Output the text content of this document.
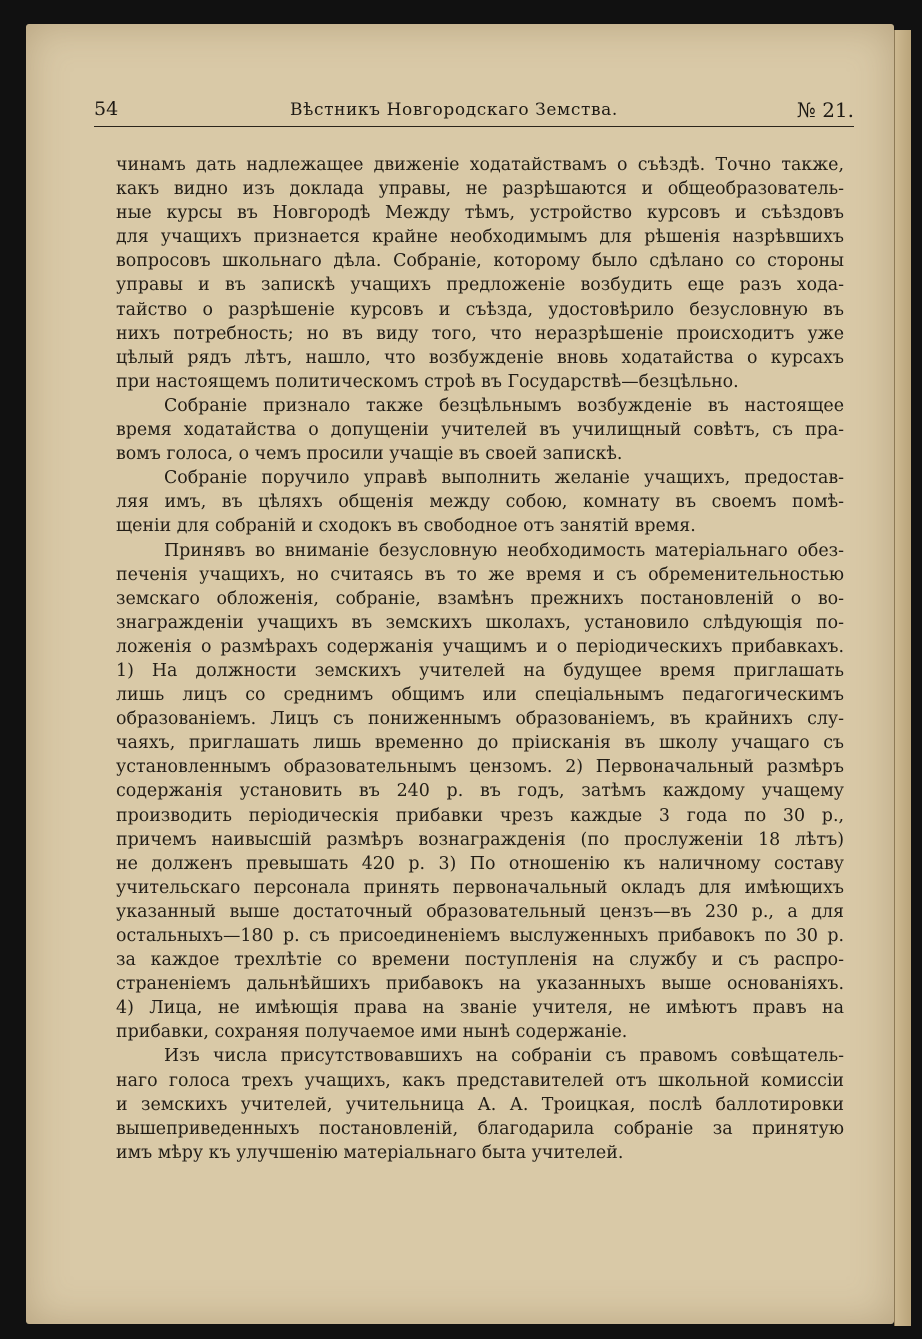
54	Вѣстникъ Новгородскаго Земства.	№ 21.
чинамъ дать надлежащее движенiе ходатайствамъ о съѣздѣ. Точно также,
какъ видно изъ доклада управы, не разрѣшаются и общеобразователь-
ные курсы въ Новгородѣ Между тѣмъ, устройство курсовъ и съѣздовъ
для учащихъ признается крайне необходимымъ для рѣшенiя назрѣвшихъ
вопросовъ школьнаго дѣла. Собранiе, которому было сдѣлано со стороны
управы и въ запискѣ учащихъ предложенiе возбудить еще разъ хода-
тайство о разрѣшенiе курсовъ и съѣзда, удостовѣрило безусловную въ
нихъ потребность; но въ виду того, что неразрѣшенiе происходитъ уже
цѣлый рядъ лѣтъ, нашло, что возбужденiе вновь ходатайства о курсахъ
при настоящемъ политическомъ строѣ въ Государствѣ—безцѣльно.
Собранiе признало также безцѣльнымъ возбужденiе въ настоящее
время ходатайства о допущенiи учителей въ училищный совѣтъ, съ пра-
вомъ голоса, о чемъ просили учащiе въ своей запискѣ.
Собранiе поручило управѣ выполнить желанiе учащихъ, предостав-
ляя имъ, въ цѣляхъ общенiя между собою, комнату въ своемъ помѣ-
щенiи для собранiй и сходокъ въ свободное отъ занятiй время.
Принявъ во вниманiе безусловную необходимость матерiальнаго обез-
печенiя учащихъ, но считаясь въ то же время и съ обременительностью
земскаго обложенiя, собранiе, взамѣнъ прежнихъ постановленiй о во-
знагражденiи учащихъ въ земскихъ школахъ, установило слѣдующiя по-
ложенiя о размѣрахъ содержанiя учащимъ и о перiодическихъ прибавкахъ.
1) На должности земскихъ учителей на будущее время приглашать
лишь лицъ со среднимъ общимъ или спецiальнымъ педагогическимъ
образованiемъ. Лицъ съ пониженнымъ образованiемъ, въ крайнихъ слу-
чаяхъ, приглашать лишь временно до прiисканiя въ школу учащаго съ
установленнымъ образовательнымъ цензомъ. 2) Первоначальный размѣръ
содержанiя установить въ 240 р. въ годъ, затѣмъ каждому учащему
производить перiодическiя прибавки чрезъ каждые 3 года по 30 р.,
причемъ наивысшiй размѣръ вознагражденiя (по прослуженiи 18 лѣтъ)
не долженъ превышать 420 р. 3) По отношенiю къ наличному составу
учительскаго персонала принять первоначальный окладъ для имѣющихъ
указанный выше достаточный образовательный цензъ—въ 230 р., а для
остальныхъ—180 р. съ присоединенiемъ выслуженныхъ прибавокъ по 30 р.
за каждое трехлѣтiе со времени поступленiя на службу и съ распро-
страненiемъ дальнѣйшихъ прибавокъ на указанныхъ выше основанiяхъ.
4) Лица, не имѣющiя права на званiе учителя, не имѣютъ правъ на
прибавки, сохраняя получаемое ими нынѣ содержанiе.
Изъ числа присутствовавшихъ на собранiи съ правомъ совѣщатель-
наго голоса трехъ учащихъ, какъ представителей отъ школьной комиссiи
и земскихъ учителей, учительница А. А. Троицкая, послѣ баллотировки
вышеприведенныхъ постановленiй, благодарила собранiе за принятую
имъ мѣру къ улучшенiю матерiальнаго быта учителей.
